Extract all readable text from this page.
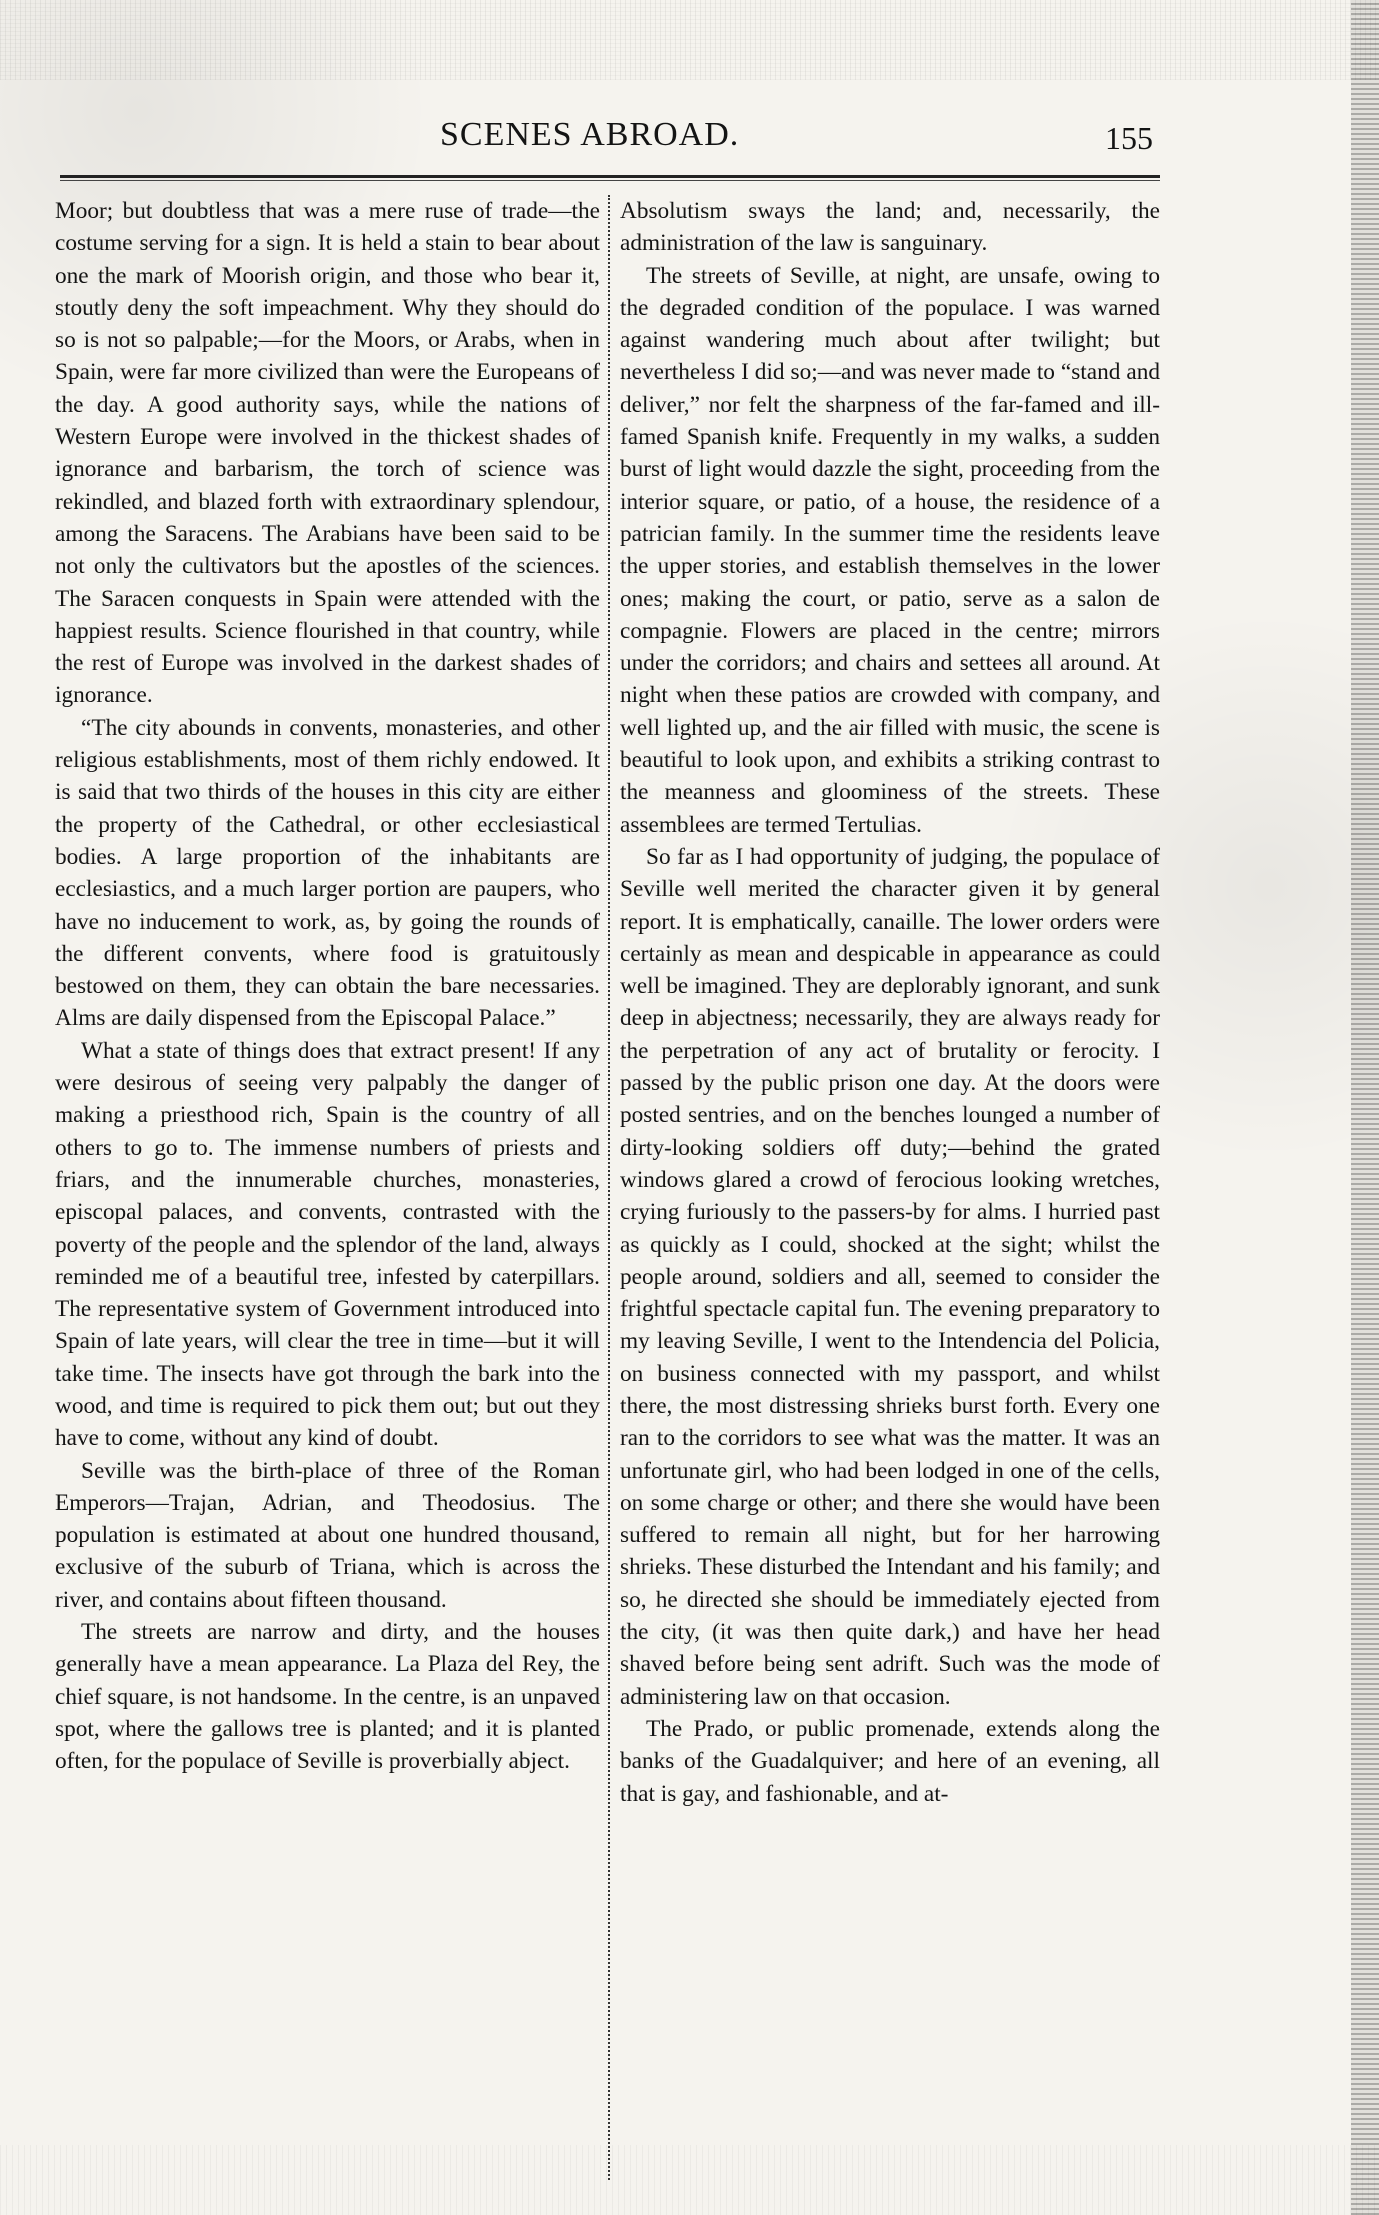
SCENES ABROAD.	155

Moor; but doubtless that was a mere ruse of trade—the costume serving for a sign. It is held a stain to bear about one the mark of Moorish origin, and those who bear it, stoutly deny the soft impeachment. Why they should do so is not so palpable;—for the Moors, or Arabs, when in Spain, were far more civilized than were the Europeans of the day. A good authority says, while the nations of Western Europe were involved in the thickest shades of ignorance and barbarism, the torch of science was rekindled, and blazed forth with extraordinary splendour, among the Saracens. The Arabians have been said to be not only the cultivators but the apostles of the sciences. The Saracen conquests in Spain were attended with the happiest results. Science flourished in that country, while the rest of Europe was involved in the darkest shades of ignorance.

“The city abounds in convents, monasteries, and other religious establishments, most of them richly endowed. It is said that two thirds of the houses in this city are either the property of the Cathedral, or other ecclesiastical bodies. A large proportion of the inhabitants are ecclesiastics, and a much larger portion are paupers, who have no inducement to work, as, by going the rounds of the different convents, where food is gratuitously bestowed on them, they can obtain the bare necessaries. Alms are daily dispensed from the Episcopal Palace.”

What a state of things does that extract present! If any were desirous of seeing very palpably the danger of making a priesthood rich, Spain is the country of all others to go to. The immense numbers of priests and friars, and the innumerable churches, monasteries, episcopal palaces, and convents, contrasted with the poverty of the people and the splendor of the land, always reminded me of a beautiful tree, infested by caterpillars. The representative system of Government introduced into Spain of late years, will clear the tree in time—but it will take time. The insects have got through the bark into the wood, and time is required to pick them out; but out they have to come, without any kind of doubt.

Seville was the birth-place of three of the Roman Emperors—Trajan, Adrian, and Theodosius. The population is estimated at about one hundred thousand, exclusive of the suburb of Triana, which is across the river, and contains about fifteen thousand.

The streets are narrow and dirty, and the houses generally have a mean appearance. La Plaza del Rey, the chief square, is not handsome. In the centre, is an unpaved spot, where the gallows tree is planted; and it is planted often, for the populace of Seville is proverbially abject.

Absolutism sways the land; and, necessarily, the administration of the law is sanguinary.

The streets of Seville, at night, are unsafe, owing to the degraded condition of the populace. I was warned against wandering much about after twilight; but nevertheless I did so;—and was never made to “stand and deliver,” nor felt the sharpness of the far-famed and ill-famed Spanish knife. Frequently in my walks, a sudden burst of light would dazzle the sight, proceeding from the interior square, or patio, of a house, the residence of a patrician family. In the summer time the residents leave the upper stories, and establish themselves in the lower ones; making the court, or patio, serve as a salon de compagnie. Flowers are placed in the centre; mirrors under the corridors; and chairs and settees all around. At night when these patios are crowded with company, and well lighted up, and the air filled with music, the scene is beautiful to look upon, and exhibits a striking contrast to the meanness and gloominess of the streets. These assemblees are termed Tertulias.

So far as I had opportunity of judging, the populace of Seville well merited the character given it by general report. It is emphatically, canaille. The lower orders were certainly as mean and despicable in appearance as could well be imagined. They are deplorably ignorant, and sunk deep in abjectness; necessarily, they are always ready for the perpetration of any act of brutality or ferocity. I passed by the public prison one day. At the doors were posted sentries, and on the benches lounged a number of dirty-looking soldiers off duty;—behind the grated windows glared a crowd of ferocious looking wretches, crying furiously to the passers-by for alms. I hurried past as quickly as I could, shocked at the sight; whilst the people around, soldiers and all, seemed to consider the frightful spectacle capital fun. The evening preparatory to my leaving Seville, I went to the Intendencia del Policia, on business connected with my passport, and whilst there, the most distressing shrieks burst forth. Every one ran to the corridors to see what was the matter. It was an unfortunate girl, who had been lodged in one of the cells, on some charge or other; and there she would have been suffered to remain all night, but for her harrowing shrieks. These disturbed the Intendant and his family; and so, he directed she should be immediately ejected from the city, (it was then quite dark,) and have her head shaved before being sent adrift. Such was the mode of administering law on that occasion.

The Prado, or public promenade, extends along the banks of the Guadalquiver; and here of an evening, all that is gay, and fashionable, and at-
